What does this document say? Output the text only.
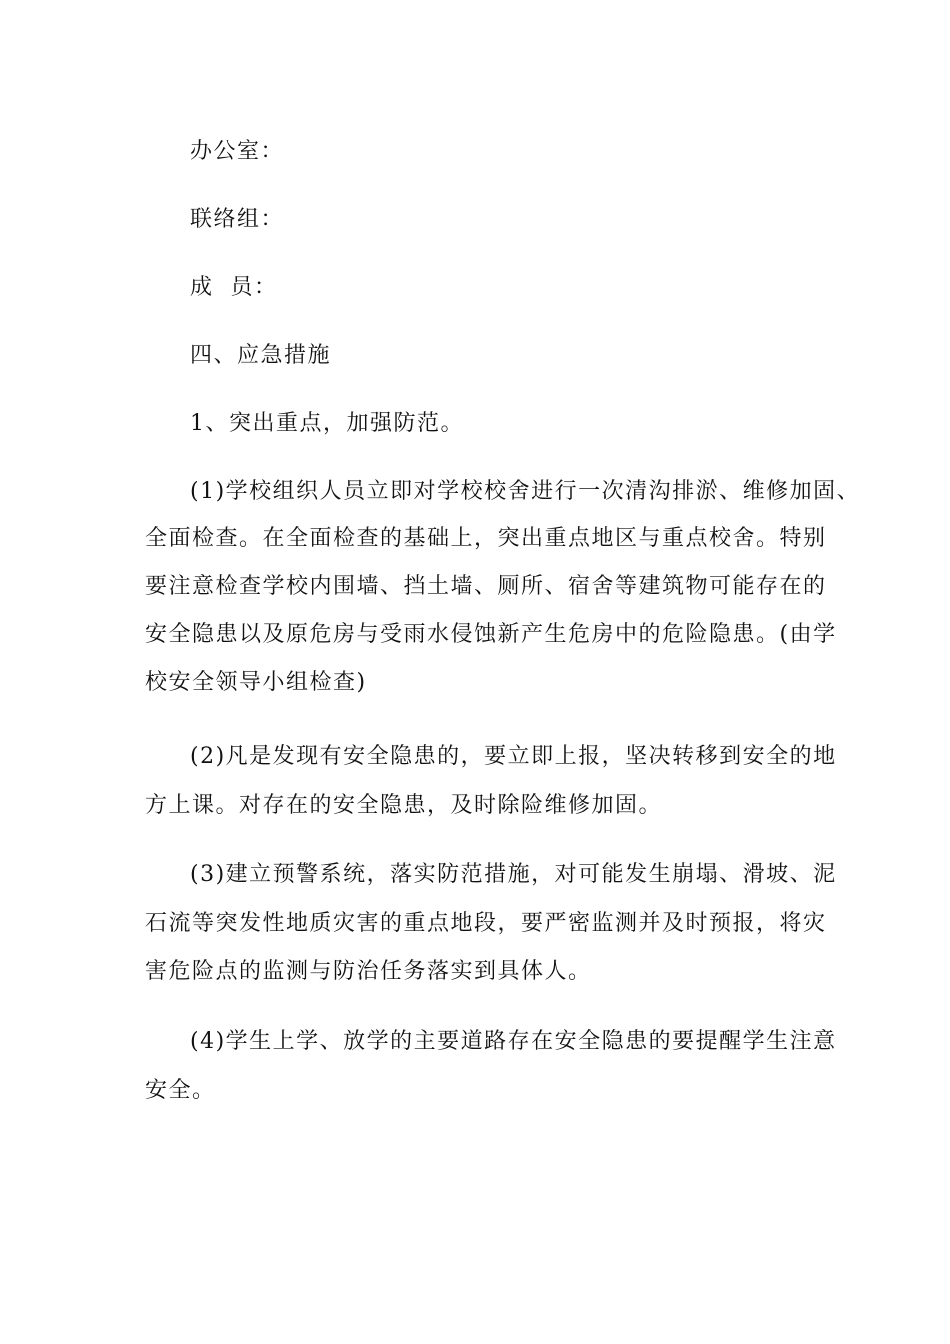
办公室：
联络组：
成  员：
四、应急措施
1、突出重点，加强防范。
(1)学校组织人员立即对学校校舍进行一次清沟排淤、维修加固、
全面检查。在全面检查的基础上，突出重点地区与重点校舍。特别
要注意检查学校内围墙、挡土墙、厕所、宿舍等建筑物可能存在的
安全隐患以及原危房与受雨水侵蚀新产生危房中的危险隐患。(由学
校安全领导小组检查)
(2)凡是发现有安全隐患的，要立即上报，坚决转移到安全的地
方上课。对存在的安全隐患，及时除险维修加固。
(3)建立预警系统，落实防范措施，对可能发生崩塌、滑坡、泥
石流等突发性地质灾害的重点地段，要严密监测并及时预报，将灾
害危险点的监测与防治任务落实到具体人。
(4)学生上学、放学的主要道路存在安全隐患的要提醒学生注意
安全。
